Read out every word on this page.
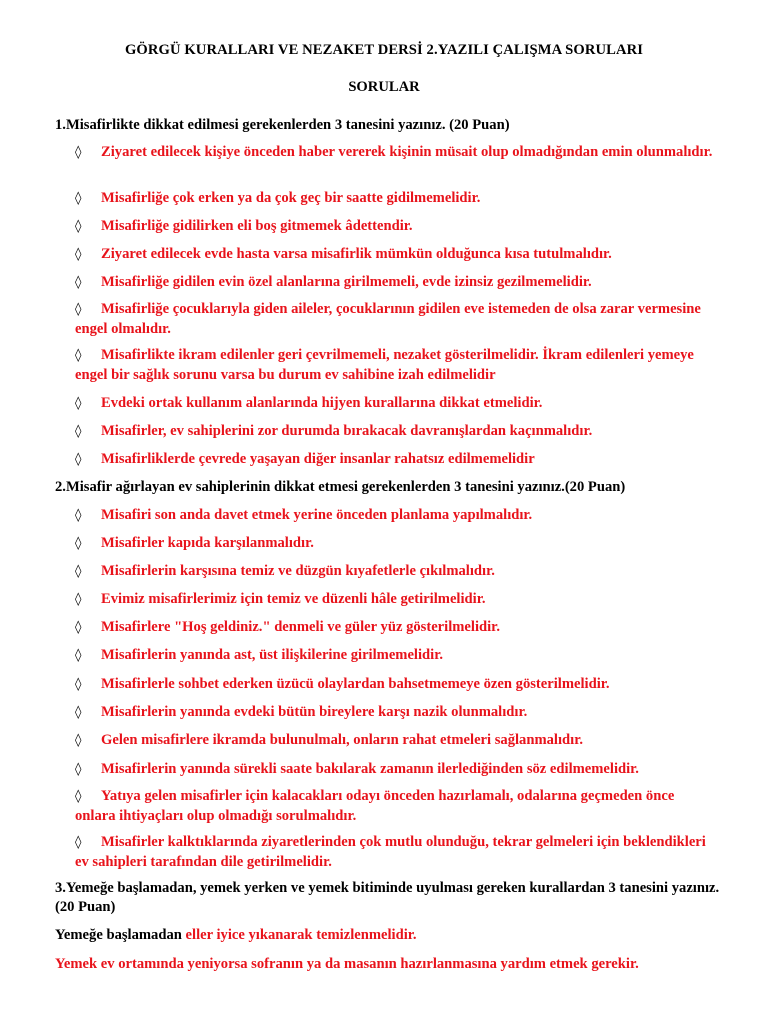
GÖRGÜ KURALLARI VE NEZAKET DERSİ 2.YAZILI ÇALIŞMA SORULARI
SORULAR
1.Misafirlikte dikkat edilmesi gerekenlerden 3 tanesini yazınız. (20 Puan)
◊ Ziyaret edilecek kişiye önceden haber vererek kişinin müsait olup olmadığından emin olunmalıdır.
◊ Misafirliğe çok erken ya da çok geç bir saatte gidilmemelidir.
◊ Misafirliğe gidilirken eli boş gitmemek âdettendir.
◊ Ziyaret edilecek evde hasta varsa misafirlik mümkün olduğunca kısa tutulmalıdır.
◊ Misafirliğe gidilen evin özel alanlarına girilmemeli, evde izinsiz gezilmemelidir.
◊ Misafirliğe çocuklarıyla giden aileler, çocuklarının gidilen eve istemeden de olsa zarar vermesine engel olmalıdır.
◊ Misafirlikte ikram edilenler geri çevrilmemeli, nezaket gösterilmelidir. İkram edilenleri yemeye engel bir sağlık sorunu varsa bu durum ev sahibine izah edilmelidir
◊ Evdeki ortak kullanım alanlarında hijyen kurallarına dikkat etmelidir.
◊ Misafirler, ev sahiplerini zor durumda bırakacak davranışlardan kaçınmalıdır.
◊ Misafirliklerde çevrede yaşayan diğer insanlar rahatsız edilmemelidir
2.Misafir ağırlayan ev sahiplerinin dikkat etmesi gerekenlerden 3 tanesini yazınız.(20 Puan)
◊ Misafiri son anda davet etmek yerine önceden planlama yapılmalıdır.
◊ Misafirler kapıda karşılanmalıdır.
◊ Misafirlerin karşısına temiz ve düzgün kıyafetlerle çıkılmalıdır.
◊ Evimiz misafirlerimiz için temiz ve düzenli hâle getirilmelidir.
◊ Misafirlere "Hoş geldiniz." denmeli ve güler yüz gösterilmelidir.
◊ Misafirlerin yanında ast, üst ilişkilerine girilmemelidir.
◊ Misafirlerle sohbet ederken üzücü olaylardan bahsetmemeye özen gösterilmelidir.
◊ Misafirlerin yanında evdeki bütün bireylere karşı nazik olunmalıdır.
◊ Gelen misafirlere ikramda bulunulmalı, onların rahat etmeleri sağlanmalıdır.
◊ Misafirlerin yanında sürekli saate bakılarak zamanın ilerlediğinden söz edilmemelidir.
◊ Yatıya gelen misafirler için kalacakları odayı önceden hazırlamalı, odalarına geçmeden önce onlara ihtiyaçları olup olmadığı sorulmalıdır.
◊ Misafirler kalktıklarında ziyaretlerinden çok mutlu olunduğu, tekrar gelmeleri için beklendikleri ev sahipleri tarafından dile getirilmelidir.
3.Yemeğe başlamadan, yemek yerken ve yemek bitiminde uyulması gereken kurallardan 3 tanesini yazınız.(20 Puan)
Yemeğe başlamadan eller iyice yıkanarak temizlenmelidir.
Yemek ev ortamında yeniyorsa sofranın ya da masanın hazırlanmasına yardım etmek gerekir.
